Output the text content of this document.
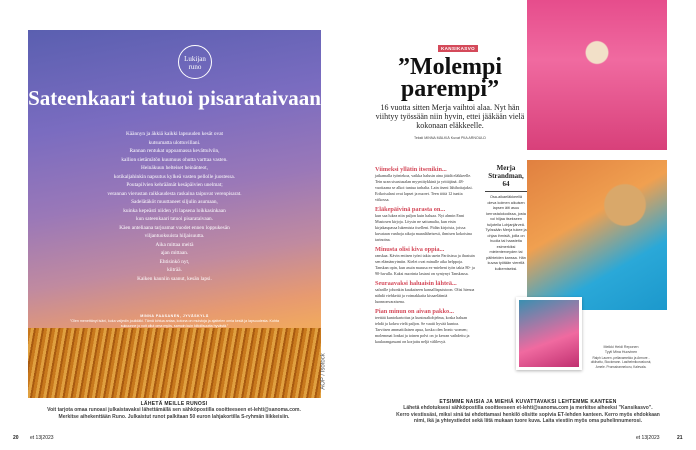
Lukijan runo
Sateenkaari tatuoi pisarataivaan
Käännyn ja äkkiä kaikki lapsuuden kesät ovat
kutsumatta ulottuvillani.
Rannan rentukat uppoamassa kevättulviin,
kallion sietämätön kuumuus ohutta varttaa vasten.
Heinäkuun helteiset heinänteot,
kotikaljahinkin napsutus kylkeä vasten pellolle juostessa.
Poutapilvien kehräämät kesäpäivien unelmat;
verannan vierustan raikkaudesta raskaina taipuvat verenpisarat.
Sadelätäköt muuttaneet siljulin asumaan,
kuinka kepeästi niiden yli lapsena loikkasinkaan
kun sateenkaari tatuoi pisarataivaan.
Käen anteliaana tarjoamat vuodet ennen loppukesän
viljantuoksuista hiljaisuutta.
Aika mittaa meitä
ajan mittaan.
Ehtisinkö nyt,
kiiträä.
Kaiken kauniin saanut, kesän lapsi.
MINNA PAASANEN, JYVÄSKYLÄ
”Olen menettänyt isäni, kuka valjedin joulidäki. Tämä lohtua antaa, kotona on muistoja ja ajattelen omia kesiä ja lapsuudesta. Kohta sukuunne jo voit ollut oma myös, samoin kuin kiitollisuutta hyvästä.”
AOP / Isotock
LÄHETÄ MEILLE RUNOSI
Voit tarjota omaa runoasi julkaistavaksi lähettämällä sen sähköpostilla osoitteeseen et-lehti@sanoma.com.
Merkitse aihekenttään Runo. Julkaistut runot palkitaan 50 euron lahjakortilla S-ryhmän liikkeisiin.
20 et 13|2023
KANSIKASVO
”Molempi parempi”
16 vuotta sitten Merja vaihtoi alaa. Nyt hän viihtyy työssään niin hyvin, ettei jääkään vielä kokonaan eläkkeelle.
Teksti MINNA MÄLKIÄ Kuvat PIIA ARNOULD
Viimeksi yllätin itsenikin...
jatkamalla työntekoa, vaikka halusin aina jäädä eläkkeelle. Tein uran sisustusalan myyntitykkinä ja yrittäjänä. 48-vuotiaana se alkoi tuntua tarhalta. Lain itseni lähihoitajaksi. Erikoisalani ovat lapset ja nuoret. Teen töitä 12 tuntia viikossa.
Eläkepäivinä parasta on...
kun saa lukea niin paljon kuin haluaa. Nyt ahmin Enni Mustosen kirjoja. Löysin ne sattumalta, kun etsin kirjakaupassa lukemista itselleni. Pidän kirjoista, joissa kuvataan vanhoja aikoja maanläheisesti, ihmisen kokoisina tarinoina.
Minusta olisi kiva oppia...
ranskaa. Kävin entisen työni takia usein Pariisissa ja ihastuin sen elämänrytmiin. Kielet ovat minulle aika helppoja. Tanskan opin, kun asuin maassa ex-mieheni työn takia 80- ja 90-luvulla. Kaksi nuorinta lastani on syntynyt Tanskassa.
Seuraavaksi haluaisin lähteä...
safarille johonkin kaukaiseen kansallispuistoon. Olisi hienoa nähdä viehkeitä ja voimakkaita kissaeläimiä luonnonvaraisena.
Pian minun on aivan pakko...
teettää kuntokartoitus ja kuntosaliohjelma, koska haluan tehdä ja kokea vielä paljon. Se vaatii hyvää kuntoa. Tarvitsen ammattilaisen apua, koska olen Ironic women; molemmat lonkat ja toinen polvi on jo kerran vaihdettu ja kaularangassani on korjattu neljä välilevyä.
Merja Strandman, 64
Osa-aikaeläkkeellä oleva kolmen aikuisen lapsen äiti asuu kerrostalokodissa, josta voi hiljaa itsekseen tuijotella Lohjanjärveä. Työssään Merja tukee ja ohjaa ihmisiä, joilla on huolia tai haasteita esimerkiksi mielenterveyden tai päihteiden kanssa. Hän kuvaa työtään vierellä kulkemiseksi.
Meikki Heidi Reponen
Tyyli Mina Huovinen
Ralph Lauren -pellavamekko ja Armore -olkihattu, Stockmann. Lasihelmikorvakorut, Arnele. Pronssirannekoru, Kalevala.
ETSIMME NAISIA JA MIEHIÄ KUVATTAVAKSI LEHTEMME KANTEEN
Lähetä ehdotuksesi sähköpostilla osoitteeseen et-lehti@sanoma.com ja merkitse aiheeksi ”Kansikasvo”.
Kerro viestissäsi, miksi sinä tai ehdottamasi henkilö olisitte sopivia ET-lehden kanteen. Kerro myös ehdokkaan
nimi, ikä ja yhteystiedot sekä liitä mukaan tuore kuva. Laita viestiin myös oma puhelinnumerosi.
et 13|2023	21
